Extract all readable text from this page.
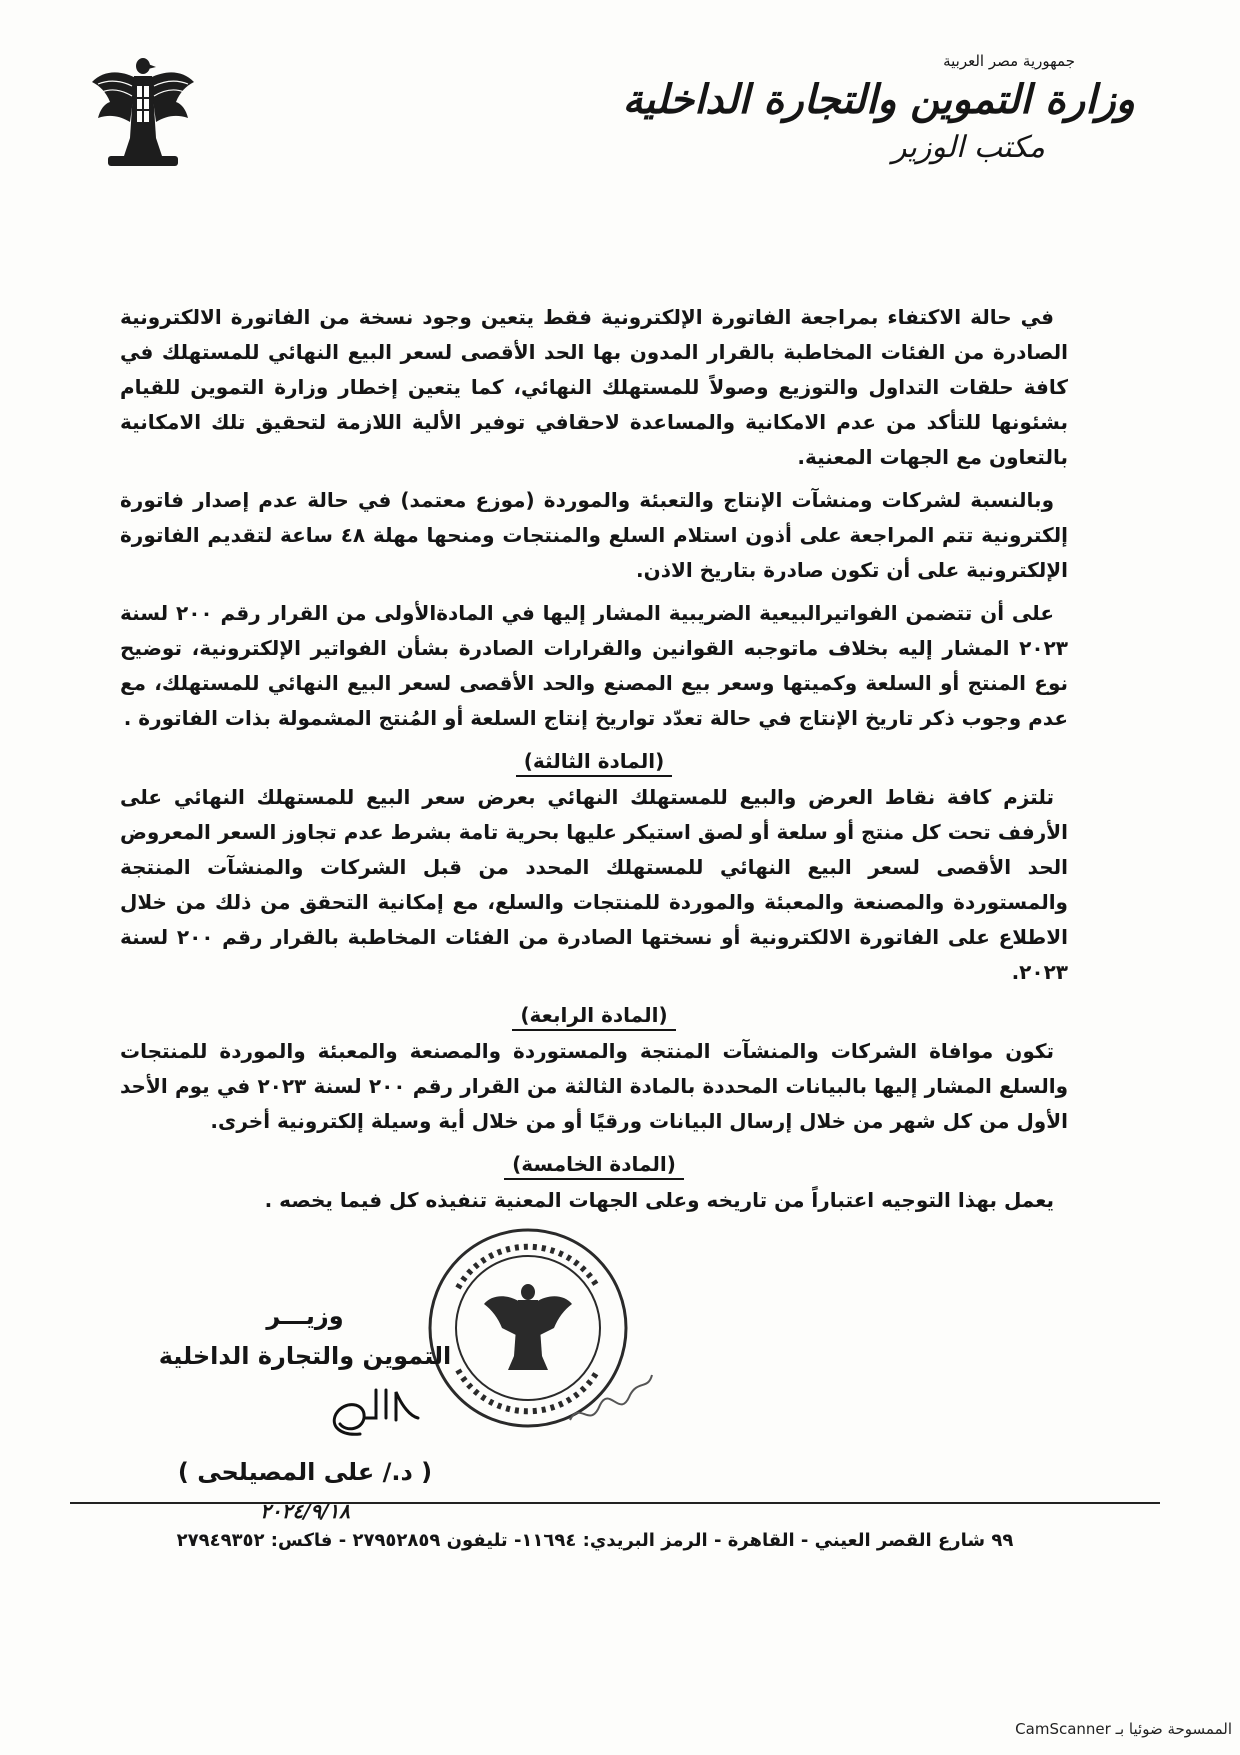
جمهورية مصر العربية
وزارة التموين والتجارة الداخلية
مكتب الوزير

في حالة الاكتفاء بمراجعة الفاتورة الإلكترونية فقط يتعين وجود نسخة من الفاتورة الالكترونية الصادرة من الفئات المخاطبة بالقرار المدون بها الحد الأقصى لسعر البيع النهائي للمستهلك في كافة حلقات التداول والتوزيع وصولاً للمستهلك النهائي، كما يتعين إخطار وزارة التموين للقيام بشئونها للتأكد من عدم الامكانية والمساعدة لاحقافي توفير الألية اللازمة لتحقيق تلك الامكانية بالتعاون مع الجهات المعنية.

وبالنسبة لشركات ومنشآت الإنتاج والتعبئة والموردة (موزع معتمد) في حالة عدم إصدار فاتورة إلكترونية تتم المراجعة على أذون استلام السلع والمنتجات ومنحها مهلة ٤٨ ساعة لتقديم الفاتورة الإلكترونية على أن تكون صادرة بتاريخ الاذن.

على أن تتضمن الفواتيرالبيعية الضريبية المشار إليها في المادةالأولى من القرار رقم ٢٠٠ لسنة ٢٠٢٣ المشار إليه بخلاف ماتوجبه القوانين والقرارات الصادرة بشأن الفواتير الإلكترونية، توضيح نوع المنتج أو السلعة وكميتها وسعر بيع المصنع والحد الأقصى لسعر البيع النهائي للمستهلك، مع عدم وجوب ذكر تاريخ الإنتاج في حالة تعدّد تواريخ إنتاج السلعة أو المُنتج المشمولة بذات الفاتورة .

(المادة الثالثة)

تلتزم كافة نقاط العرض والبيع للمستهلك النهائي بعرض سعر البيع للمستهلك النهائي على الأرفف تحت كل منتج أو سلعة أو لصق استيكر عليها بحرية تامة بشرط عدم تجاوز السعر المعروض الحد الأقصى لسعر البيع النهائي للمستهلك المحدد من قبل الشركات والمنشآت المنتجة والمستوردة والمصنعة والمعبئة والموردة للمنتجات والسلع، مع إمكانية التحقق من ذلك من خلال الاطلاع على الفاتورة الالكترونية أو نسختها الصادرة من الفئات المخاطبة بالقرار رقم ٢٠٠ لسنة ٢٠٢٣.

(المادة الرابعة)

تكون موافاة الشركات والمنشآت المنتجة والمستوردة والمصنعة والمعبئة والموردة للمنتجات والسلع المشار إليها بالبيانات المحددة بالمادة الثالثة من القرار رقم ٢٠٠ لسنة ٢٠٢٣ في يوم الأحد الأول من كل شهر من خلال إرسال البيانات ورقيًا أو من خلال أية وسيلة إلكترونية أخرى.

(المادة الخامسة)

يعمل بهذا التوجيه اعتباراً من تاريخه وعلى الجهات المعنية تنفيذه كل فيما يخصه .

وزيـــر
التموين والتجارة الداخلية
( د./ على المصيلحى )
٢٠٢٤/٩/١٨
٩٩ شارع القصر العيني - القاهرة - الرمز البريدي: ١١٦٩٤- تليفون ٢٧٩٥٢٨٥٩ - فاكس: ٢٧٩٤٩٣٥٢
الممسوحة ضوئيا بـ CamScanner
